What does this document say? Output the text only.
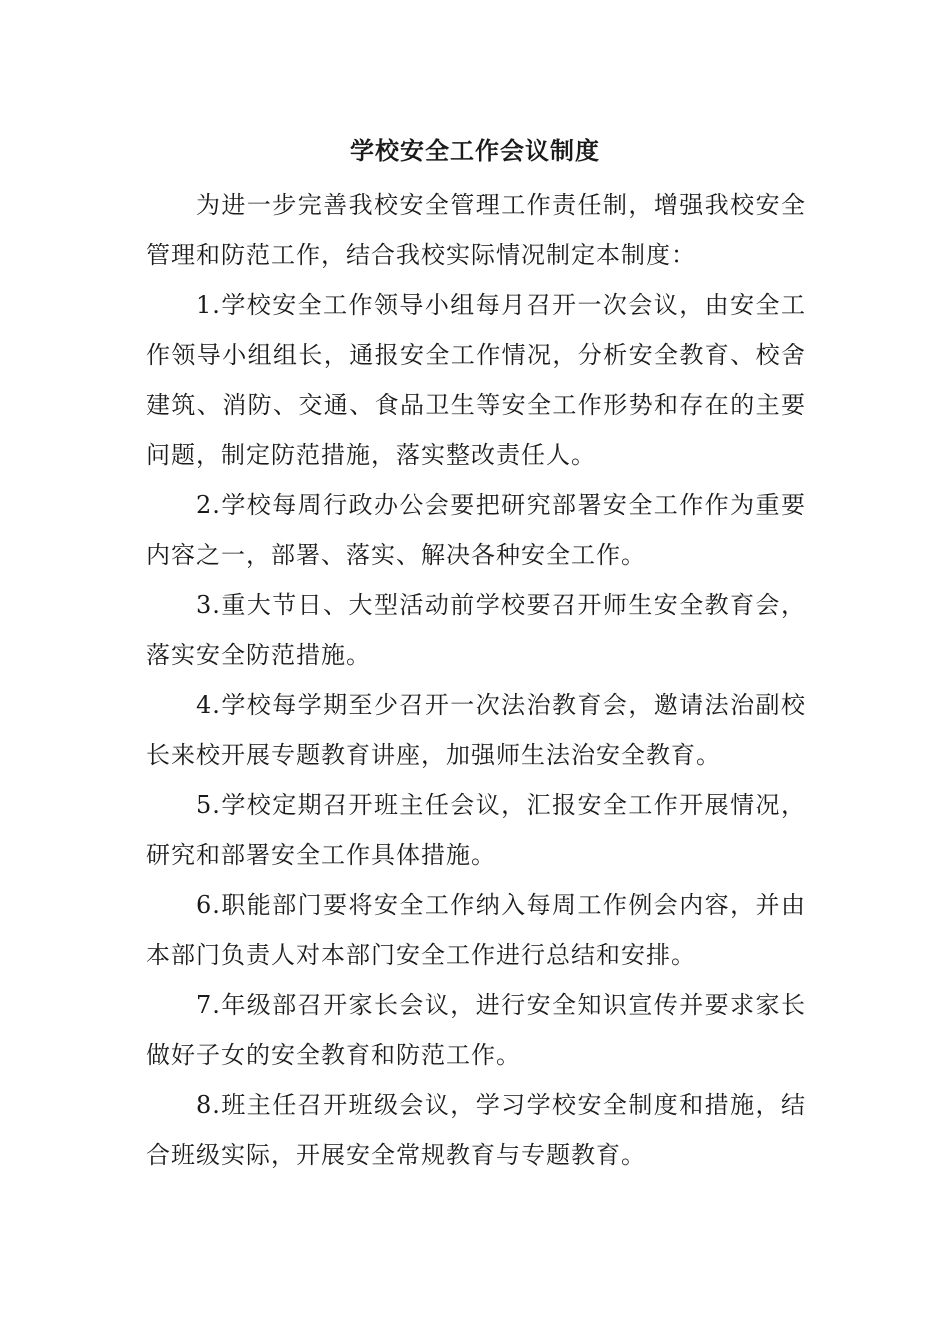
学校安全工作会议制度

为进一步完善我校安全管理工作责任制，增强我校安全管理和防范工作，结合我校实际情况制定本制度：

1.学校安全工作领导小组每月召开一次会议，由安全工作领导小组组长，通报安全工作情况，分析安全教育、校舍建筑、消防、交通、食品卫生等安全工作形势和存在的主要问题，制定防范措施，落实整改责任人。

2.学校每周行政办公会要把研究部署安全工作作为重要内容之一，部署、落实、解决各种安全工作。

3.重大节日、大型活动前学校要召开师生安全教育会，落实安全防范措施。

4.学校每学期至少召开一次法治教育会，邀请法治副校长来校开展专题教育讲座，加强师生法治安全教育。

5.学校定期召开班主任会议，汇报安全工作开展情况，研究和部署安全工作具体措施。

6.职能部门要将安全工作纳入每周工作例会内容，并由本部门负责人对本部门安全工作进行总结和安排。

7.年级部召开家长会议，进行安全知识宣传并要求家长做好子女的安全教育和防范工作。

8.班主任召开班级会议，学习学校安全制度和措施，结合班级实际，开展安全常规教育与专题教育。
